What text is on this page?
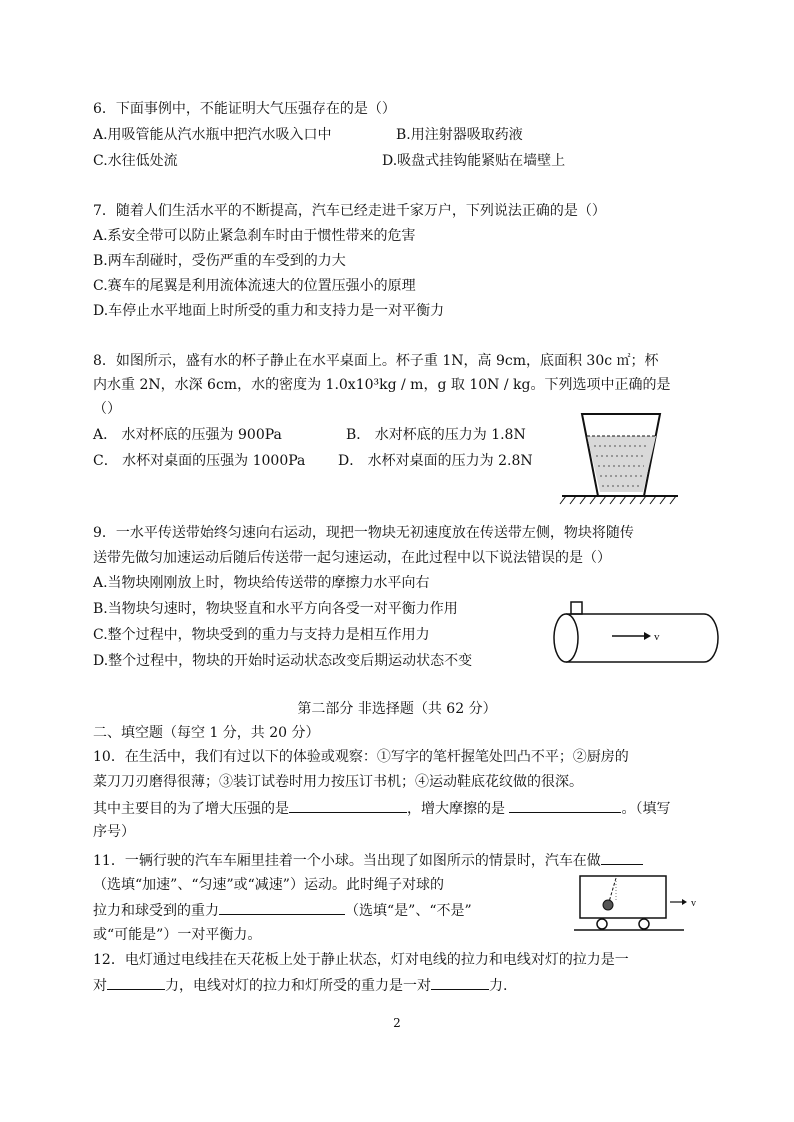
6．下面事例中，不能证明大气压强存在的是（）
A.用吸管能从汽水瓶中把汽水吸入口中	B.用注射器吸取药液
C.水往低处流	D.吸盘式挂钩能紧贴在墙壁上
7．随着人们生活水平的不断提高，汽车已经走进千家万户，下列说法正确的是（）
A.系安全带可以防止紧急刹车时由于惯性带来的危害
B.两车刮碰时，受伤严重的车受到的力大
C.赛车的尾翼是利用流体流速大的位置压强小的原理
D.车停止水平地面上时所受的重力和支持力是一对平衡力
8．如图所示，盛有水的杯子静止在水平桌面上。杯子重 1N，高 9cm，底面积 30c ㎡；杯
内水重 2N，水深 6cm，水的密度为 1.0x10³kg / m，g 取 10N / kg。下列选项中正确的是
（）
A． 水对杯底的压强为 900Pa	B． 水对杯底的压力为 1.8N
C． 水杯对桌面的压强为 1000Pa D． 水杯对桌面的压力为 2.8N
9．一水平传送带始终匀速向右运动，现把一物块无初速度放在传送带左侧，物块将随传
送带先做匀加速运动后随后传送带一起匀速运动，在此过程中以下说法错误的是（）
A.当物块刚刚放上时，物块给传送带的摩擦力水平向右
B.当物块匀速时，物块竖直和水平方向各受一对平衡力作用
C.整个过程中，物块受到的重力与支持力是相互作用力
D.整个过程中，物块的开始时运动状态改变后期运动状态不变
v
第二部分 非选择题（共 62 分）
二、填空题（每空 1 分，共 20 分）
10．在生活中，我们有过以下的体验或观察：①写字的笔杆握笔处凹凸不平；②厨房的
菜刀刀刃磨得很薄；③装订试卷时用力按压订书机；④运动鞋底花纹做的很深。
其中主要目的为了增大压强的是	，增大摩擦的是	。（填写
序号）
11．一辆行驶的汽车车厢里挂着一个小球。当出现了如图所示的情景时，汽车在做
（选填“加速”、“匀速”或“减速”）运动。此时绳子对球的
拉力和球受到的重力	（选填“是”、“不是”
或“可能是”）一对平衡力。
v
12．电灯通过电线挂在天花板上处于静止状态，灯对电线的拉力和电线对灯的拉力是一
对	力，电线对灯的拉力和灯所受的重力是一对	力.
2
